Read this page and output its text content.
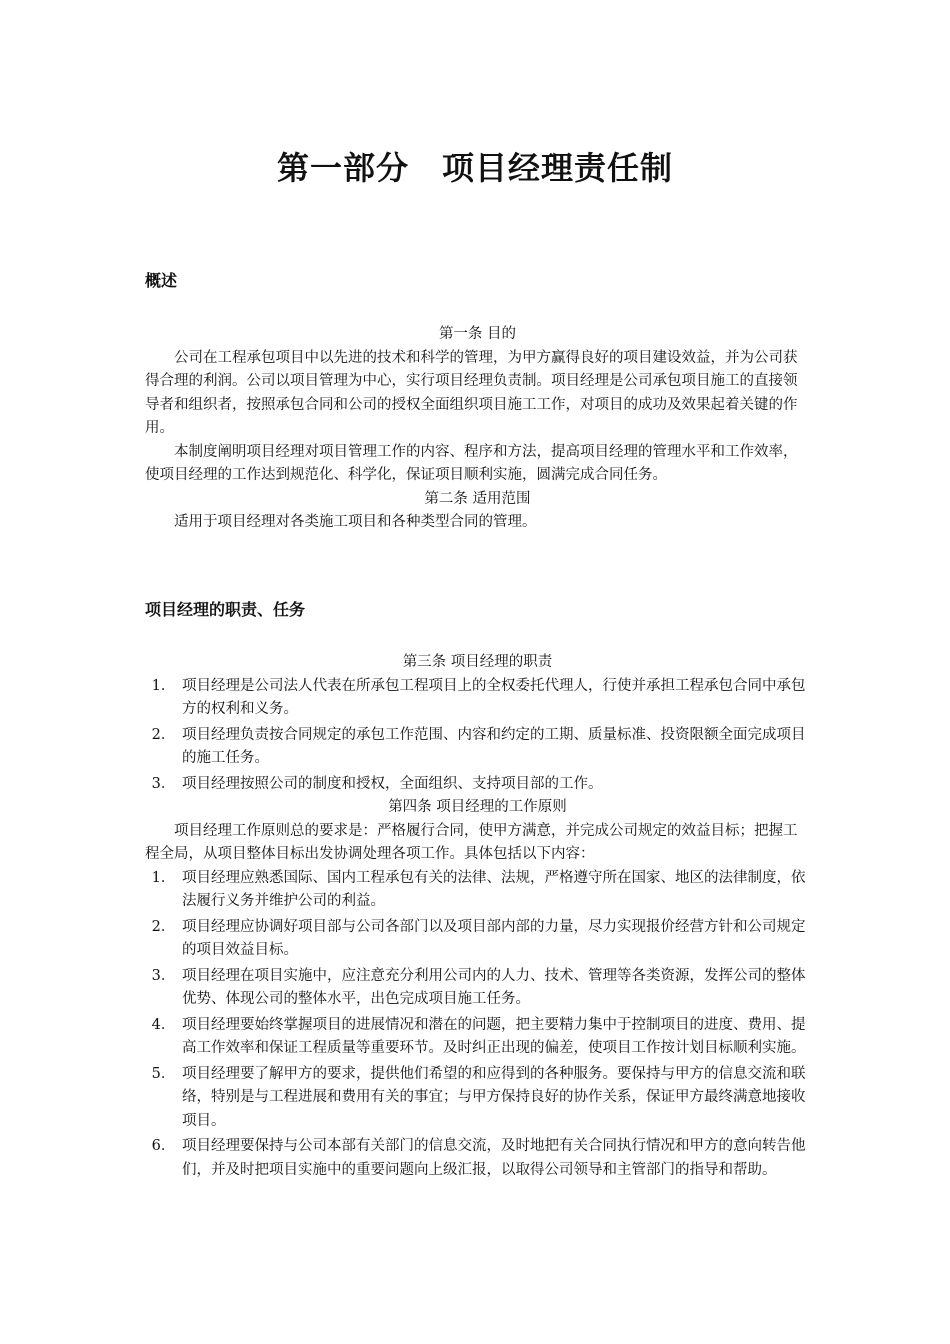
第一部分　项目经理责任制
概述
第一条 目的

公司在工程承包项目中以先进的技术和科学的管理，为甲方赢得良好的项目建设效益，并为公司获得合理的利润。公司以项目管理为中心，实行项目经理负责制。项目经理是公司承包项目施工的直接领导者和组织者，按照承包合同和公司的授权全面组织项目施工工作，对项目的成功及效果起着关键的作用。

本制度阐明项目经理对项目管理工作的内容、程序和方法，提高项目经理的管理水平和工作效率，使项目经理的工作达到规范化、科学化，保证项目顺利实施，圆满完成合同任务。

第二条 适用范围

适用于项目经理对各类施工项目和各种类型合同的管理。

项目经理的职责、任务
第三条 项目经理的职责
1． 项目经理是公司法人代表在所承包工程项目上的全权委托代理人，行使并承担工程承包合同中承包方的权利和义务。
2． 项目经理负责按合同规定的承包工作范围、内容和约定的工期、质量标准、投资限额全面完成项目的施工任务。
3． 项目经理按照公司的制度和授权，全面组织、支持项目部的工作。
第四条 项目经理的工作原则

项目经理工作原则总的要求是：严格履行合同，使甲方满意，并完成公司规定的效益目标；把握工程全局，从项目整体目标出发协调处理各项工作。具体包括以下内容：

1． 项目经理应熟悉国际、国内工程承包有关的法律、法规，严格遵守所在国家、地区的法律制度，依法履行义务并维护公司的利益。
2． 项目经理应协调好项目部与公司各部门以及项目部内部的力量，尽力实现报价经营方针和公司规定的项目效益目标。
3． 项目经理在项目实施中，应注意充分利用公司内的人力、技术、管理等各类资源，发挥公司的整体优势、体现公司的整体水平，出色完成项目施工任务。
4． 项目经理要始终掌握项目的进展情况和潜在的问题，把主要精力集中于控制项目的进度、费用、提高工作效率和保证工程质量等重要环节。及时纠正出现的偏差，使项目工作按计划目标顺利实施。
5． 项目经理要了解甲方的要求，提供他们希望的和应得到的各种服务。要保持与甲方的信息交流和联络，特别是与工程进展和费用有关的事宜；与甲方保持良好的协作关系，保证甲方最终满意地接收项目。
6． 项目经理要保持与公司本部有关部门的信息交流，及时地把有关合同执行情况和甲方的意向转告他们，并及时把项目实施中的重要问题向上级汇报，以取得公司领导和主管部门的指导和帮助。
